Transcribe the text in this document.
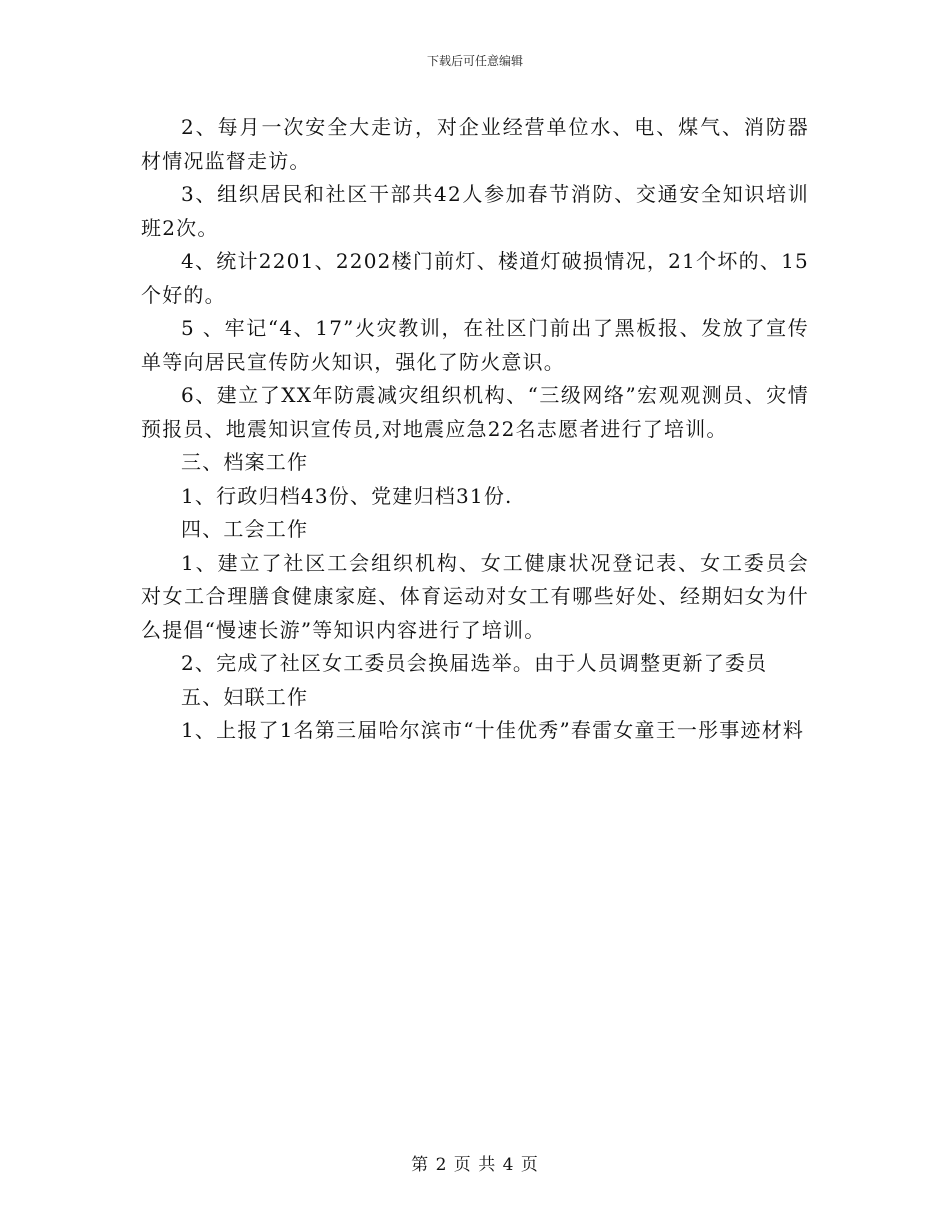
下载后可任意编辑

2、每月一次安全大走访，对企业经营单位水、电、煤气、消防器材情况监督走访。

3、组织居民和社区干部共42人参加春节消防、交通安全知识培训班2次。

4、统计2201、2202楼门前灯、楼道灯破损情况，21个坏的、15个好的。

5 、牢记“4、17”火灾教训，在社区门前出了黑板报、发放了宣传单等向居民宣传防火知识，强化了防火意识。

6、建立了XX年防震减灾组织机构、“三级网络”宏观观测员、灾情预报员、地震知识宣传员,对地震应急22名志愿者进行了培训。

三、档案工作

1、行政归档43份、党建归档31份.

四、工会工作

1、建立了社区工会组织机构、女工健康状况登记表、女工委员会对女工合理膳食健康家庭、体育运动对女工有哪些好处、经期妇女为什么提倡“慢速长游”等知识内容进行了培训。

2、完成了社区女工委员会换届选举。由于人员调整更新了委员

五、妇联工作

1、上报了1名第三届哈尔滨市“十佳优秀”春雷女童王一彤事迹材料

第 2 页 共 4 页
